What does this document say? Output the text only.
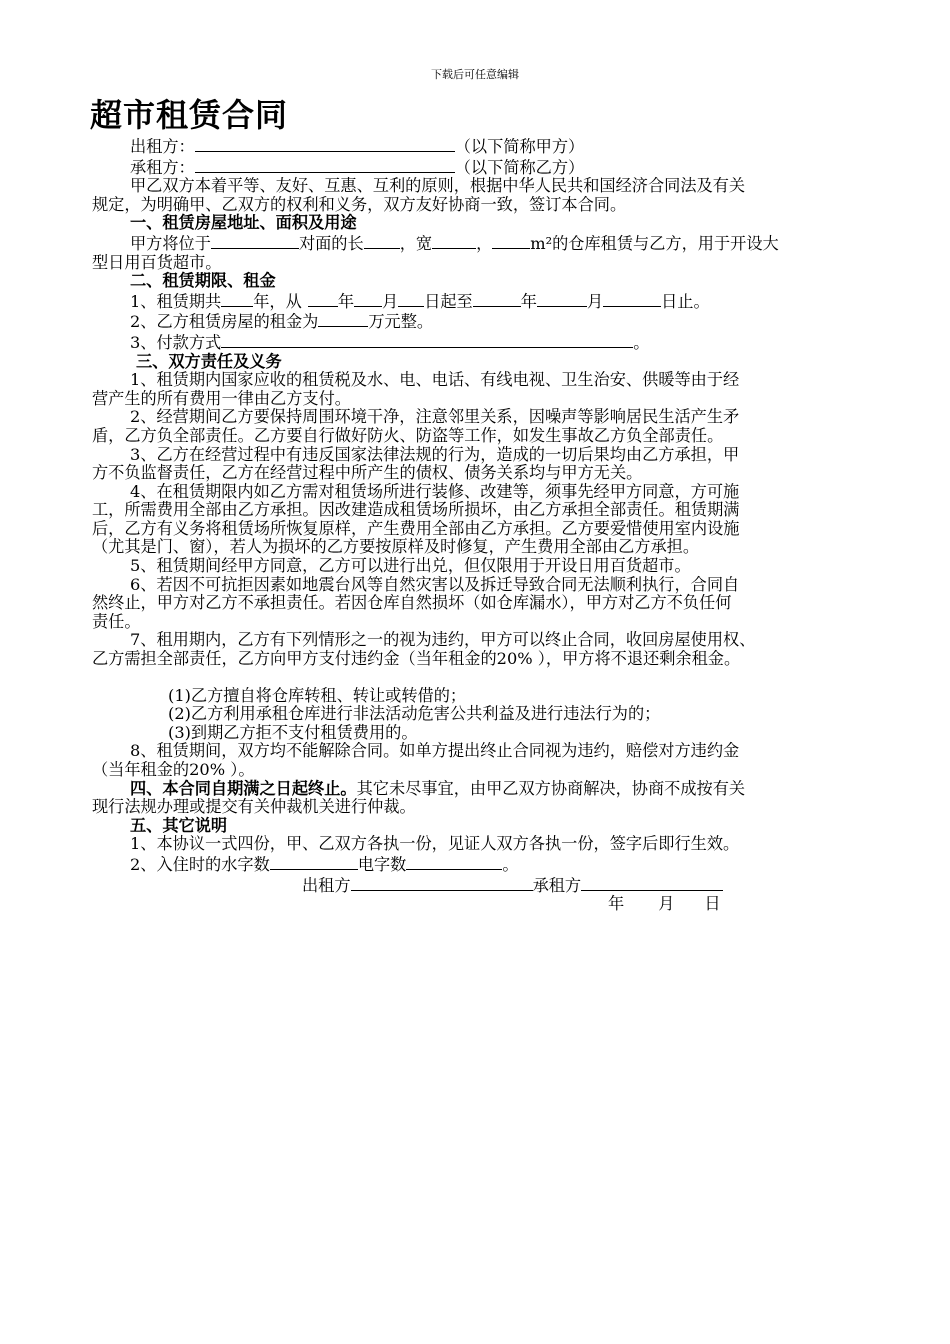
下载后可任意编辑
超市租赁合同
出租方：	（以下简称甲方）
承租方：	（以下简称乙方）
甲乙双方本着平等、友好、互惠、互利的原则，根据中华人民共和国经济合同法及有关
规定，为明确甲、乙双方的权利和义务，双方友好协商一致，签订本合同。
一、租赁房屋地址、面积及用途
甲方将位于	对面的长 ，宽	， m²的仓库租赁与乙方，用于开设大
型日用百货超市。
二、租赁期限、租金
1、租赁期共 年，从 年 月 日起至	年	月	日止。
2、乙方租赁房屋的租金为	万元整。
3、付款方式	。
三、双方责任及义务
1、租赁期内国家应收的租赁税及水、电、电话、有线电视、卫生治安、供暖等由于经
营产生的所有费用一律由乙方支付。
2、经营期间乙方要保持周围环境干净，注意邻里关系，因噪声等影响居民生活产生矛
盾，乙方负全部责任。乙方要自行做好防火、防盗等工作，如发生事故乙方负全部责任。
3、乙方在经营过程中有违反国家法律法规的行为，造成的一切后果均由乙方承担，甲
方不负监督责任，乙方在经营过程中所产生的债权、债务关系均与甲方无关。
4、在租赁期限内如乙方需对租赁场所进行装修、改建等，须事先经甲方同意，方可施
工，所需费用全部由乙方承担。因改建造成租赁场所损坏，由乙方承担全部责任。租赁期满
后，乙方有义务将租赁场所恢复原样，产生费用全部由乙方承担。乙方要爱惜使用室内设施
（尤其是门、窗），若人为损坏的乙方要按原样及时修复，产生费用全部由乙方承担。
5、租赁期间经甲方同意，乙方可以进行出兑，但仅限用于开设日用百货超市。
6、若因不可抗拒因素如地震台风等自然灾害以及拆迁导致合同无法顺利执行，合同自
然终止，甲方对乙方不承担责任。若因仓库自然损坏（如仓库漏水），甲方对乙方不负任何
责任。
7、租用期内，乙方有下列情形之一的视为违约，甲方可以终止合同，收回房屋使用权、
乙方需担全部责任，乙方向甲方支付违约金（当年租金的20% ），甲方将不退还剩余租金。
(1)乙方擅自将仓库转租、转让或转借的；
(2)乙方利用承租仓库进行非法活动危害公共利益及进行违法行为的；
(3)到期乙方拒不支付租赁费用的。
8、租赁期间，双方均不能解除合同。如单方提出终止合同视为违约，赔偿对方违约金
（当年租金的20% ）。
四、本合同自期满之日起终止。其它未尽事宜，由甲乙双方协商解决，协商不成按有关
现行法规办理或提交有关仲裁机关进行仲裁。
五、其它说明
1、本协议一式四份，甲、乙双方各执一份，见证人双方各执一份，签字后即行生效。
2、入住时的水字数	电字数	。
出租方	承租方
年 月 日
